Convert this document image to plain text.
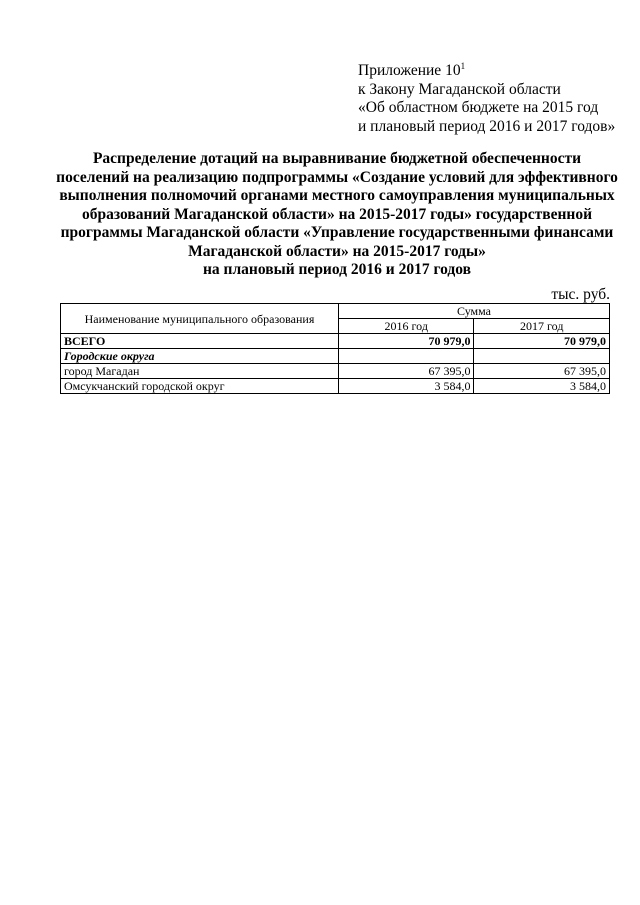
Приложение $10^1$
к Закону Магаданской области
«Об областном бюджете на 2015 год
и плановый период 2016 и 2017 годов»
Распределение дотаций на выравнивание бюджетной обеспеченности
поселений на реализацию подпрограммы «Создание условий для эффективного
выполнения полномочий органами местного самоуправления муниципальных
образований Магаданской области» на 2015-2017 годы» государственной
программы Магаданской области «Управление государственными финансами
Магаданской области» на 2015-2017 годы»
на плановый период 2016 и 2017 годов
тыс. руб.
Наименование муниципального образования	Сумма	
	2016 год	2017 год
ВСЕГО	70 979,0	70 979,0
Городские округа		
город Магадан	67 395,0	67 395,0
Омсукчанский городской округ	3 584,0	3 584,0
